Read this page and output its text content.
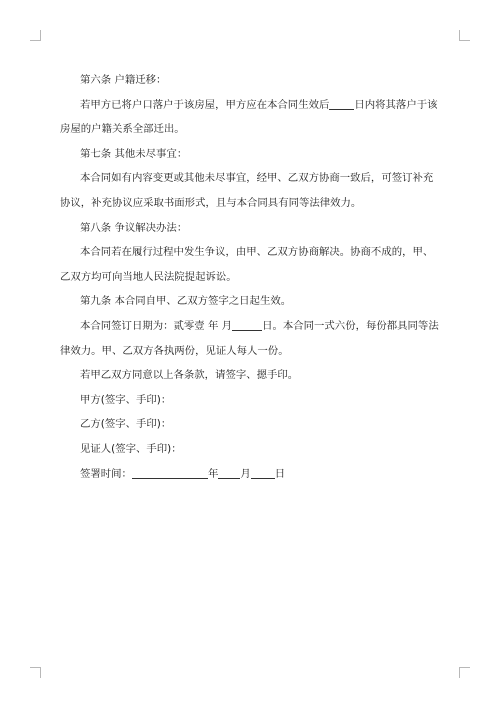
第六条 户籍迁移：

若甲方已将户口落户于该房屋，甲方应在本合同生效后 日内将其落户于该房屋的户籍关系全部迁出。

第七条 其他未尽事宜：

本合同如有内容变更或其他未尽事宜，经甲、乙双方协商一致后，可签订补充协议，补充协议应采取书面形式，且与本合同具有同等法律效力。

第八条 争议解决办法：

本合同若在履行过程中发生争议，由甲、乙双方协商解决。协商不成的，甲、乙双方均可向当地人民法院提起诉讼。

第九条 本合同自甲、乙双方签字之日起生效。

本合同签订日期为：贰零壹 年 月	日。本合同一式六份，每份都具同等法律效力。甲、乙双方各执两份，见证人每人一份。

若甲乙双方同意以上各条款，请签字、摁手印。

甲方(签字、手印)：

乙方(签字、手印)：

见证人(签字、手印)：

签署时间：	年 月 日
